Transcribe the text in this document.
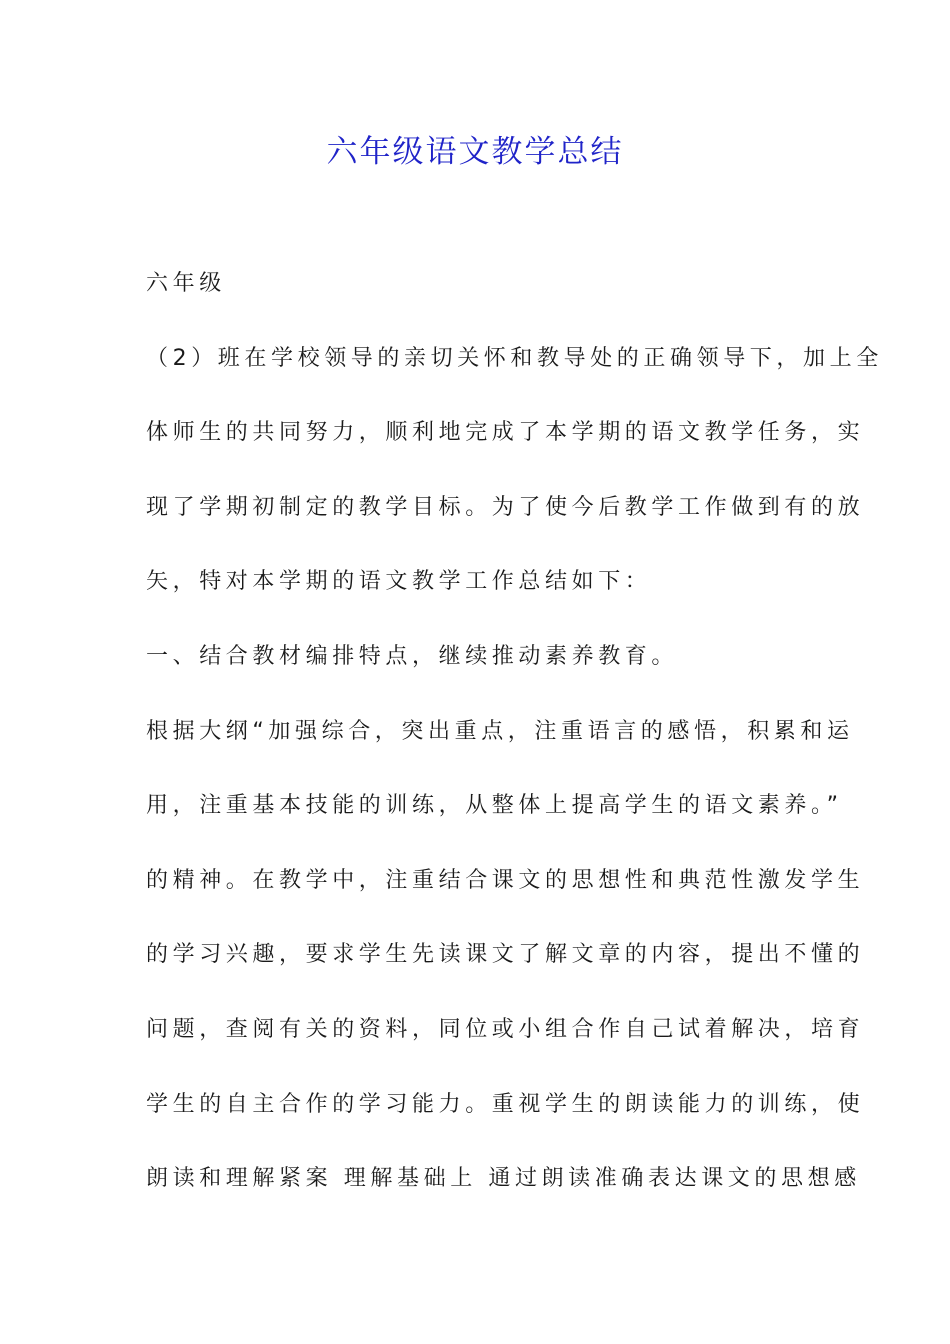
六年级语文教学总结
六年级
（2）班在学校领导的亲切关怀和教导处的正确领导下，加上全
体师生的共同努力，顺利地完成了本学期的语文教学任务，实
现了学期初制定的教学目标。为了使今后教学工作做到有的放
矢，特对本学期的语文教学工作总结如下：
一、结合教材编排特点，继续推动素养教育。
根据大纲“加强综合，突出重点，注重语言的感悟，积累和运
用，注重基本技能的训练，从整体上提高学生的语文素养。”
的精神。在教学中，注重结合课文的思想性和典范性激发学生
的学习兴趣，要求学生先读课文了解文章的内容，提出不懂的
问题，查阅有关的资料，同位或小组合作自己试着解决，培育
学生的自主合作的学习能力。重视学生的朗读能力的训练，使
朗读和理解紧案 理解基础上 通过朗读准确表达课文的思想感
